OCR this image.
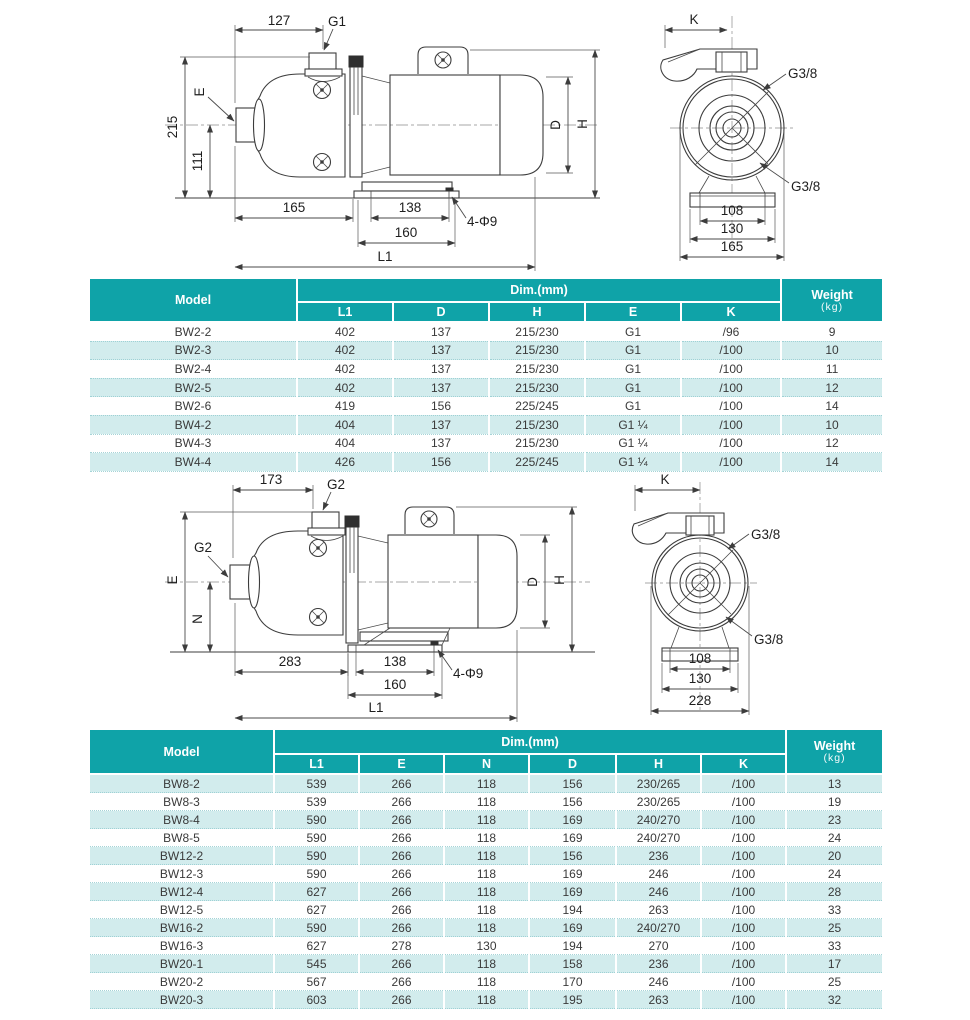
127	G1
E
215
111
D H
165	138
160
L1
4-Φ9
K
G3/8
G3/8
108
130
165
Model	Dim.(mm)					Weight
(kg)

	L1	D	H	E	K	
BW2-2	402	137	215/230	G1	/96	9
BW2-3	402	137	215/230	G1	/100	10
BW2-4	402	137	215/230	G1	/100	11
BW2-5	402	137	215/230	G1	/100	12
BW2-6	419	156	225/245	G1	/100	14
BW4-2	404	137	215/230	G1 ¼	/100	10
BW4-3	404	137	215/230	G1 ¼	/100	12
BW4-4	426	156	225/245	G1 ¼	/100	14
173	G2
G2
E
N
D H
283	138
160
L1
4-Φ9
K
G3/8
G3/8
108
130
228
Model	Dim.(mm)						Weight
(kg)

	L1	E	N	D	H	K	
BW8-2	539	266	118	156	230/265	/100	13
BW8-3	539	266	118	156	230/265	/100	19
BW8-4	590	266	118	169	240/270	/100	23
BW8-5	590	266	118	169	240/270	/100	24
BW12-2	590	266	118	156	236	/100	20
BW12-3	590	266	118	169	246	/100	24
BW12-4	627	266	118	169	246	/100	28
BW12-5	627	266	118	194	263	/100	33
BW16-2	590	266	118	169	240/270	/100	25
BW16-3	627	278	130	194	270	/100	33
BW20-1	545	266	118	158	236	/100	17
BW20-2	567	266	118	170	246	/100	25
BW20-3	603	266	118	195	263	/100	32
